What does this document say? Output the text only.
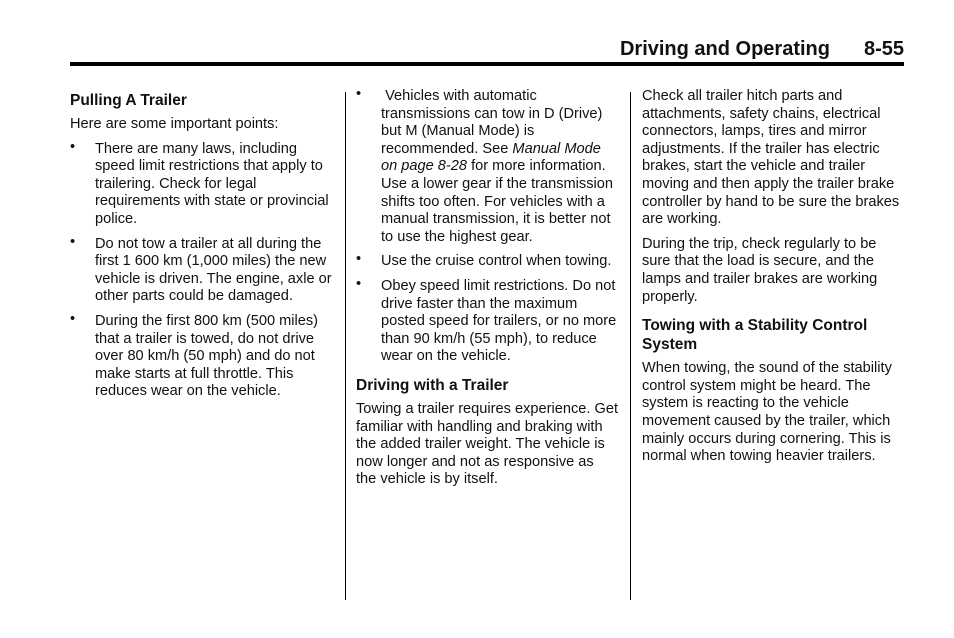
Driving and Operating	8-55
Pulling A Trailer

Here are some important points:

• There are many laws, including speed limit restrictions that apply to trailering. Check for legal requirements with state or provincial police.
• Do not tow a trailer at all during the first 1 600 km (1,000 miles) the new vehicle is driven. The engine, axle or other parts could be damaged.
• During the first 800 km (500 miles) that a trailer is towed, do not drive over 80 km/h (50 mph) and do not make starts at full throttle. This reduces wear on the vehicle.
• Vehicles with automatic transmissions can tow in D (Drive) but M (Manual Mode) is recommended. See Manual Mode on page 8-28 for more information. Use a lower gear if the transmission shifts too often. For vehicles with a manual transmission, it is better not to use the highest gear.
• Use the cruise control when towing.
• Obey speed limit restrictions. Do not drive faster than the maximum posted speed for trailers, or no more than 90 km/h (55 mph), to reduce wear on the vehicle.
Driving with a Trailer

Towing a trailer requires experience. Get familiar with handling and braking with the added trailer weight. The vehicle is now longer and not as responsive as the vehicle is by itself.

Check all trailer hitch parts and attachments, safety chains, electrical connectors, lamps, tires and mirror adjustments. If the trailer has electric brakes, start the vehicle and trailer moving and then apply the trailer brake controller by hand to be sure the brakes are working.

During the trip, check regularly to be sure that the load is secure, and the lamps and trailer brakes are working properly.

Towing with a Stability Control System

When towing, the sound of the stability control system might be heard. The system is reacting to the vehicle movement caused by the trailer, which mainly occurs during cornering. This is normal when towing heavier trailers.
